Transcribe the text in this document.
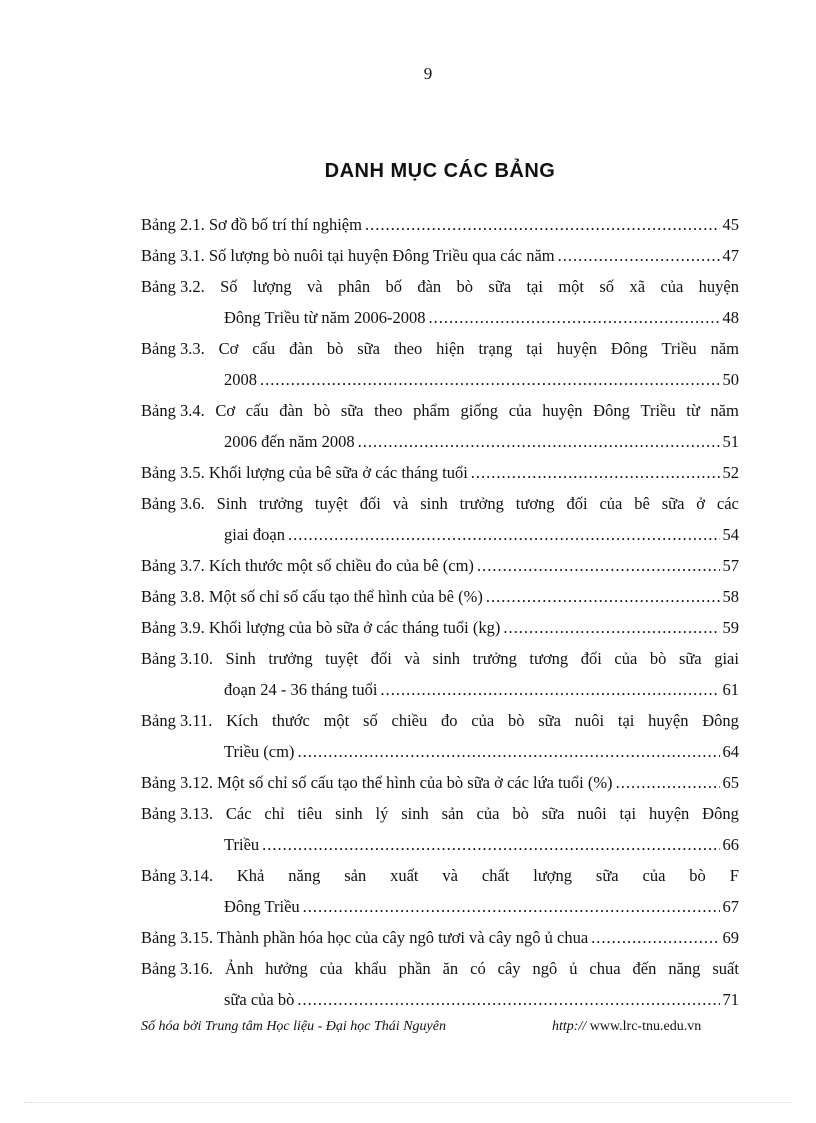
9
DANH MỤC CÁC BẢNG
Bảng 2.1. Sơ đồ bố trí thí nghiệm .....	45
Bảng 3.1. Số lượng bò nuôi tại huyện Đông Triều qua các năm .....	47
Bảng 3.2. Số lượng và phân bố đàn bò sữa tại một số xã của huyện
Đông Triều từ năm 2006-2008 .....	48
Bảng 3.3. Cơ cấu đàn bò sữa theo hiện trạng tại huyện Đông Triều năm
2008 .....	50
Bảng 3.4. Cơ cấu đàn bò sữa theo phẩm giống của huyện Đông Triều từ năm
2006 đến năm 2008 .....	51
Bảng 3.5. Khối lượng của bê sữa ở các tháng tuổi .....	52
Bảng 3.6. Sinh trưởng tuyệt đối và sinh trưởng tương đối của bê sữa ở các
giai đoạn .....	54
Bảng 3.7. Kích thước một số chiều đo của bê (cm) .....	57
Bảng 3.8. Một số chỉ số cấu tạo thể hình của bê (%) .....	58
Bảng 3.9. Khối lượng của bò sữa ở các tháng tuổi (kg) .....	59
Bảng 3.10. Sinh trưởng tuyệt đối và sinh trưởng tương đối của bò sữa giai
đoạn 24 - 36 tháng tuổi .....	61
Bảng 3.11. Kích thước một số chiều đo của bò sữa nuôi tại huyện Đông
Triều (cm) .....	64
Bảng 3.12. Một số chỉ số cấu tạo thể hình của bò sữa ở các lứa tuổi (%) .....	65
Bảng 3.13. Các chỉ tiêu sinh lý sinh sản của bò sữa nuôi tại huyện Đông
Triều .....	66
Bảng 3.14. Khả năng sản xuất và chất lượng sữa của bò F
Đông Triều .....	67
Bảng 3.15. Thành phần hóa học của cây ngô tươi và cây ngô ủ chua .....	69
Bảng 3.16. Ảnh hưởng của khẩu phần ăn có cây ngô ủ chua đến năng suất
sữa của bò .....	71
Số hóa bởi Trung tâm Học liệu - Đại học Thái Nguyên	http:// www.lrc-tnu.edu.vn
